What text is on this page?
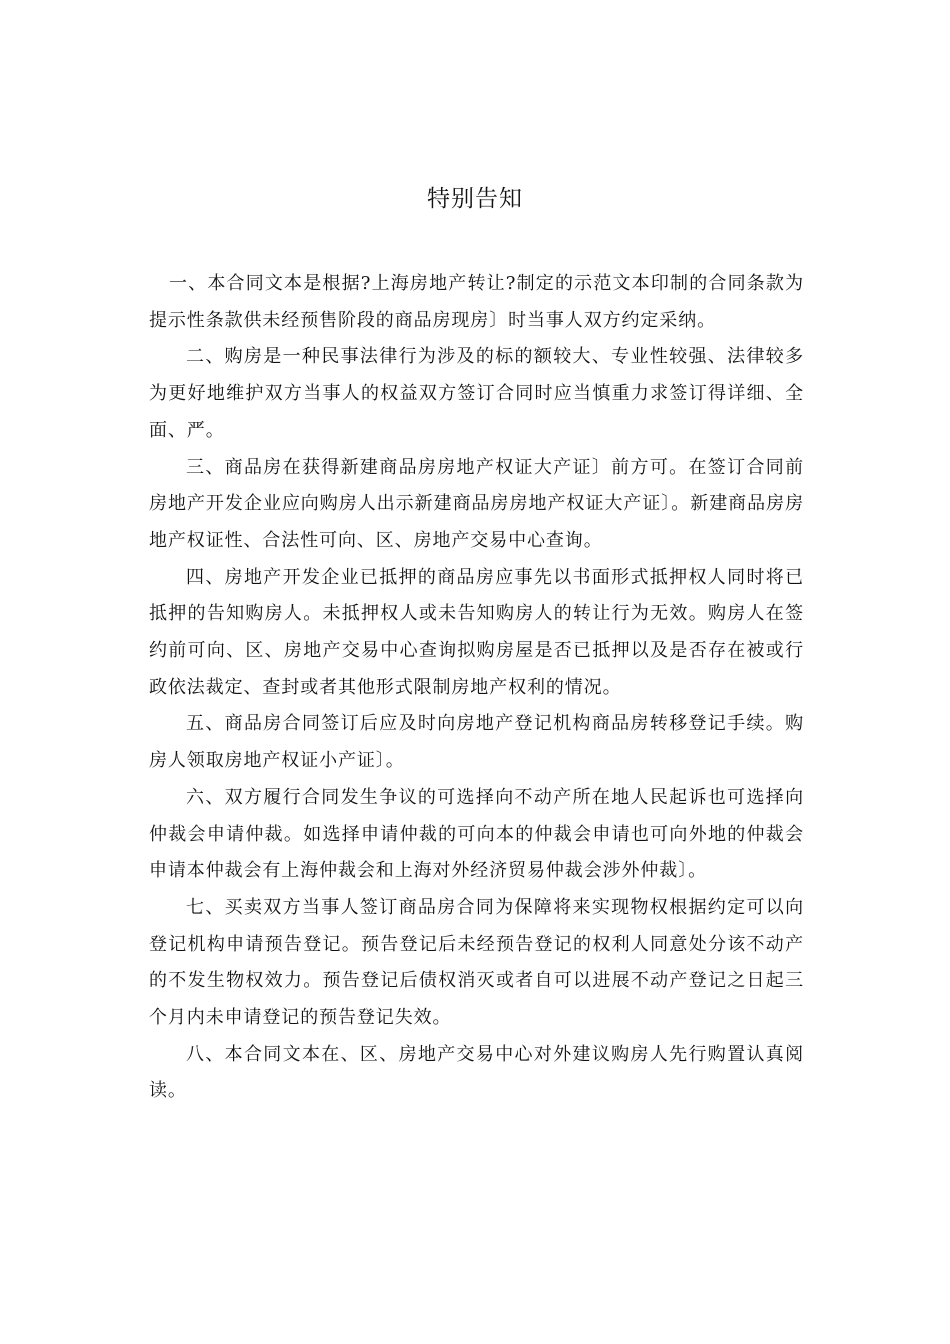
特别告知

一、本合同文本是根据?上海房地产转让?制定的示范文本印制的合同条款为提示性条款供未经预售阶段的商品房现房〕时当事人双方约定采纳。

二、购房是一种民事法律行为涉及的标的额较大、专业性较强、法律较多为更好地维护双方当事人的权益双方签订合同时应当慎重力求签订得详细、全面、严。

三、商品房在获得新建商品房房地产权证大产证〕前方可。在签订合同前房地产开发企业应向购房人出示新建商品房房地产权证大产证〕。新建商品房房地产权证性、合法性可向、区、房地产交易中心查询。

四、房地产开发企业已抵押的商品房应事先以书面形式抵押权人同时将已抵押的告知购房人。未抵押权人或未告知购房人的转让行为无效。购房人在签约前可向、区、房地产交易中心查询拟购房屋是否已抵押以及是否存在被或行政依法裁定、查封或者其他形式限制房地产权利的情况。

五、商品房合同签订后应及时向房地产登记机构商品房转移登记手续。购房人领取房地产权证小产证〕。

六、双方履行合同发生争议的可选择向不动产所在地人民起诉也可选择向仲裁会申请仲裁。如选择申请仲裁的可向本的仲裁会申请也可向外地的仲裁会申请本仲裁会有上海仲裁会和上海对外经济贸易仲裁会涉外仲裁〕。

七、买卖双方当事人签订商品房合同为保障将来实现物权根据约定可以向登记机构申请预告登记。预告登记后未经预告登记的权利人同意处分该不动产的不发生物权效力。预告登记后债权消灭或者自可以进展不动产登记之日起三个月内未申请登记的预告登记失效。

八、本合同文本在、区、房地产交易中心对外建议购房人先行购置认真阅读。
